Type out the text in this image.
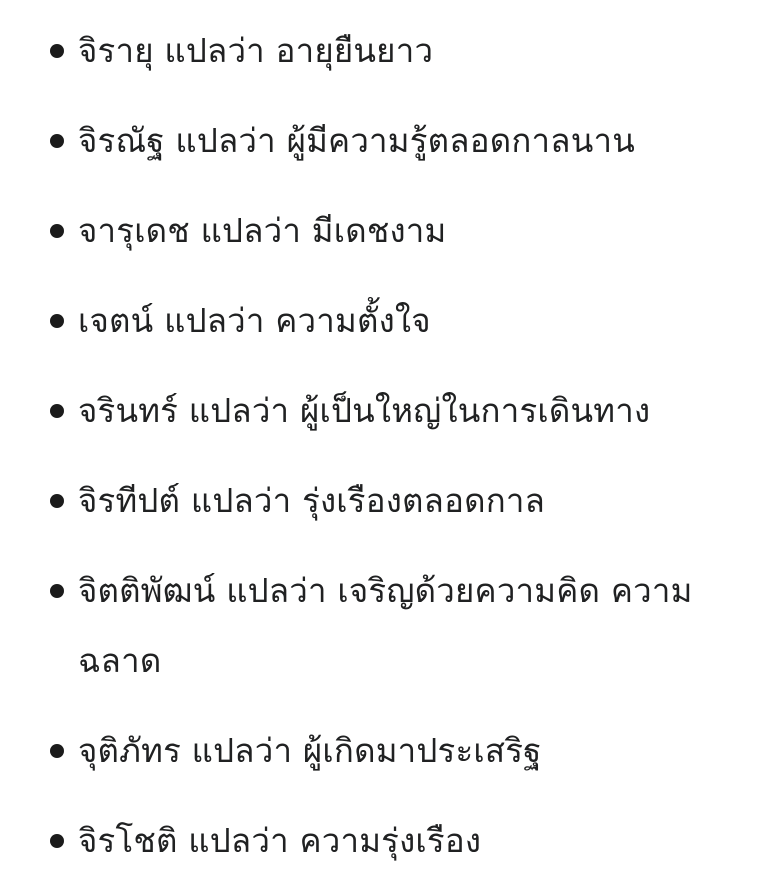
จิรายุ แปลว่า อายุยืนยาว
จิรณัฐ แปลว่า ผู้มีความรู้ตลอดกาลนาน
จารุเดช แปลว่า มีเดชงาม
เจตน์ แปลว่า ความตั้งใจ
จรินทร์ แปลว่า ผู้เป็นใหญ่ในการเดินทาง
จิรทีปต์ แปลว่า รุ่งเรืองตลอดกาล
จิตติพัฒน์ แปลว่า เจริญด้วยความคิด ความฉลาด
จุติภัทร แปลว่า ผู้เกิดมาประเสริฐ
จิรโชติ แปลว่า ความรุ่งเรือง
